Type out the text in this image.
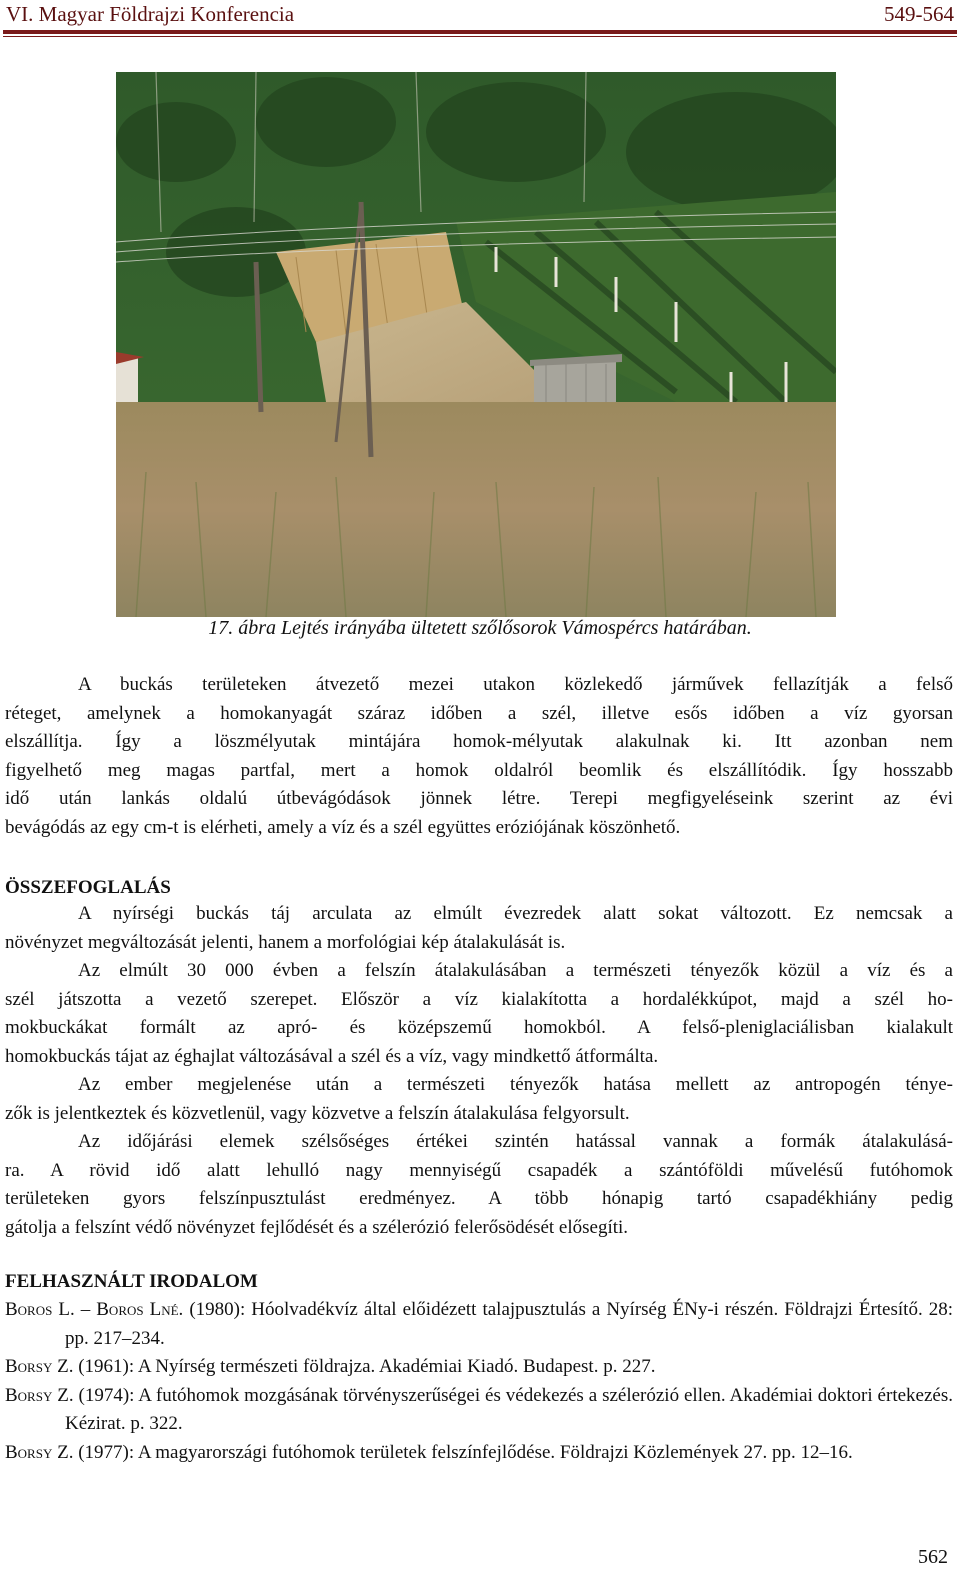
VI. Magyar Földrajzi Konferencia	549-564
17. ábra Lejtés irányába ültetett szőlősorok Vámospércs határában.
A buckás területeken átvezető mezei utakon közlekedő járművek fellazítják a felső
réteget, amelynek a homokanyagát száraz időben a szél, illetve esős időben a víz gyorsan
elszállítja. Így a löszmélyutak mintájára homok-mélyutak alakulnak ki. Itt azonban nem
figyelhető meg magas partfal, mert a homok oldalról beomlik és elszállítódik. Így hosszabb
idő után lankás oldalú útbevágódások jönnek létre. Terepi megfigyeléseink szerint az évi
bevágódás az egy cm-t is elérheti, amely a víz és a szél együttes eróziójának köszönhető.
ÖSSZEFOGLALÁS
A nyírségi buckás táj arculata az elmúlt évezredek alatt sokat változott. Ez nemcsak a
növényzet megváltozását jelenti, hanem a morfológiai kép átalakulását is.
Az elmúlt 30 000 évben a felszín átalakulásában a természeti tényezők közül a víz és a
szél játszotta a vezető szerepet. Először a víz kialakította a hordalékkúpot, majd a szél ho-
mokbuckákat formált az apró- és középszemű homokból. A felső-pleniglaciálisban kialakult
homokbuckás tájat az éghajlat változásával a szél és a víz, vagy mindkettő átformálta.
Az ember megjelenése után a természeti tényezők hatása mellett az antropogén ténye-
zők is jelentkeztek és közvetlenül, vagy közvetve a felszín átalakulása felgyorsult.
Az időjárási elemek szélsőséges értékei szintén hatással vannak a formák átalakulásá-
ra. A rövid idő alatt lehulló nagy mennyiségű csapadék a szántóföldi művelésű futóhomok
területeken gyors felszínpusztulást eredményez. A több hónapig tartó csapadékhiány pedig
gátolja a felszínt védő növényzet fejlődését és a szélerózió felerősödését elősegíti.
FELHASZNÁLT IRODALOM

Boros L. – Boros Lné. (1980): Hóolvadékvíz által előidézett talajpusztulás a Nyírség ÉNy-i részén. Földrajzi Értesítő. 28: pp. 217–234.

Borsy Z. (1961): A Nyírség természeti földrajza. Akadémiai Kiadó. Budapest. p. 227.

Borsy Z. (1974): A futóhomok mozgásának törvényszerűségei és védekezés a szélerózió ellen. Akadémiai doktori értekezés. Kézirat. p. 322.

Borsy Z. (1977): A magyarországi futóhomok területek felszínfejlődése. Földrajzi Közlemények 27. pp. 12–16.

562
